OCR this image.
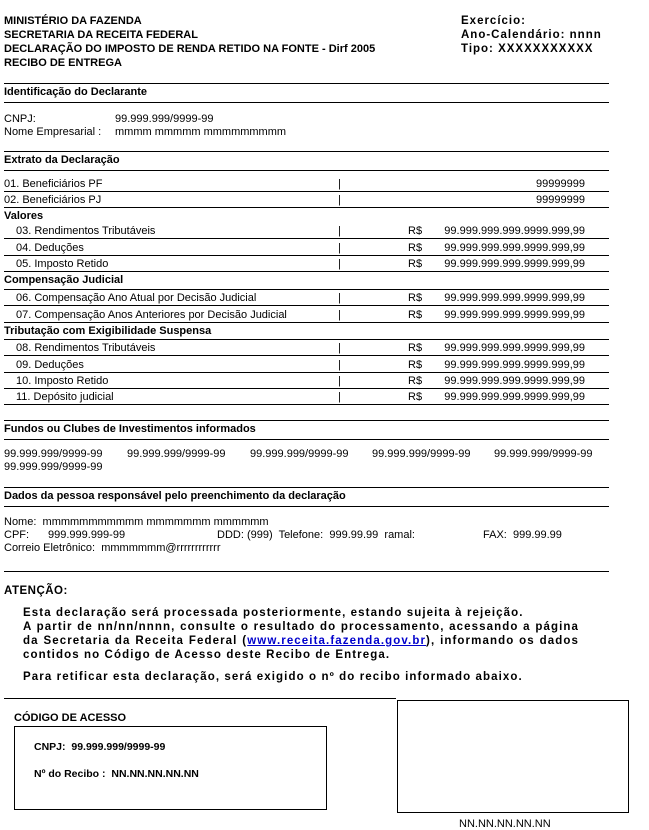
MINISTÉRIO DA FAZENDA
SECRETARIA DA RECEITA FEDERAL
DECLARAÇÃO DO IMPOSTO DE RENDA RETIDO NA FONTE - Dirf 2005
RECIBO DE ENTREGA
Exercício:
Ano-Calendário: nnnn
Tipo: XXXXXXXXXXX
Identificação do Declarante
CNPJ:	99.999.999/9999-99
Nome Empresarial : mmmm mmmmm mmmmmmmmm
Extrato da Declaração
01. Beneficiários PF	|	99999999
02. Beneficiários PJ	|	99999999
Valores
03. Rendimentos Tributáveis	|	R$ 99.999.999.999.9999.999,99
04. Deduções	|	R$ 99.999.999.999.9999.999,99
05. Imposto Retido	|	R$ 99.999.999.999.9999.999,99
Compensação Judicial
06. Compensação Ano Atual por Decisão Judicial	|	R$ 99.999.999.999.9999.999,99
07. Compensação Anos Anteriores por Decisão Judicial	|	R$ 99.999.999.999.9999.999,99
Tributação com Exigibilidade Suspensa
08. Rendimentos Tributáveis	|	R$ 99.999.999.999.9999.999,99
09. Deduções	|	R$ 99.999.999.999.9999.999,99
10. Imposto Retido	|	R$ 99.999.999.999.9999.999,99
11. Depósito judicial	|	R$ 99.999.999.999.9999.999,99
Fundos ou Clubes de Investimentos informados
99.999.999/9999-99 99.999.999/9999-99 99.999.999/9999-99 99.999.999/9999-99 99.999.999/9999-99
99.999.999/9999-99
Dados da pessoa responsável pelo preenchimento da declaração
Nome: mmmmmmmmmmm mmmmmmm mmmmmm
CPF: 999.999.999-99	DDD: (999) Telefone: 999.99.99 ramal:	FAX: 999.99.99
Correio Eletrônico: mmmmmmm@rrrrrrrrrrrr
ATENÇÃO:
Esta declaração será processada posteriormente, estando sujeita à rejeição.
A partir de nn/nn/nnnn, consulte o resultado do processamento, acessando a página da Secretaria da Receita Federal (www.receita.fazenda.gov.br), informando os dados contidos no Código de Acesso deste Recibo de Entrega.
Para retificar esta declaração, será exigido o nº do recibo informado abaixo.
CÓDIGO DE ACESSO
CNPJ: 99.999.999/9999-99
Nº do Recibo : NN.NN.NN.NN.NN
NN.NN.NN.NN.NN
